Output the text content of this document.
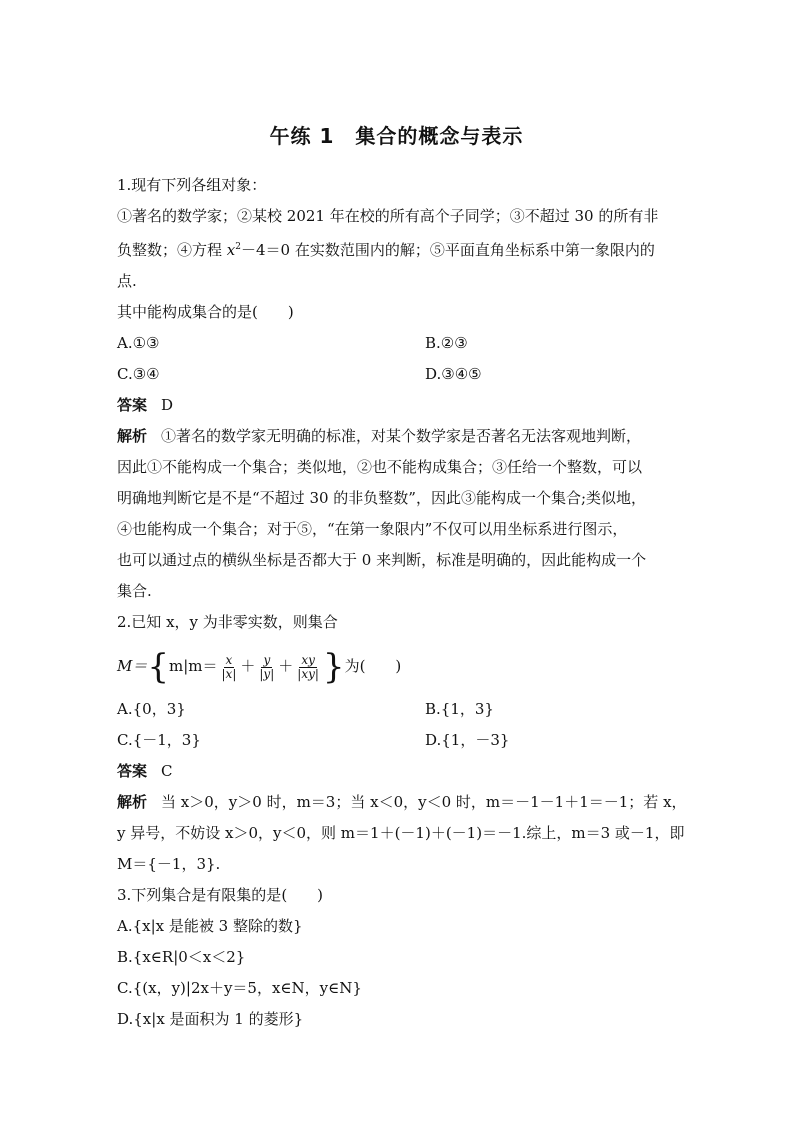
午练 1　集合的概念与表示

1.现有下列各组对象：

①著名的数学家；②某校 2021 年在校的所有高个子同学；③不超过 30 的所有非

负整数；④方程 $x^2-4=0$ 在实数范围内的解；⑤平面直角坐标系中第一象限内的

点.

其中能构成集合的是(　　)

A.①③	B.②③
C.③④	D.③④⑤

答案 D

解析 ①著名的数学家无明确的标准，对某个数学家是否著名无法客观地判断，

因此①不能构成一个集合；类似地，②也不能构成集合；③任给一个整数，可以

明确地判断它是不是“不超过 30 的非负整数”，因此③能构成一个集合;类似地，

④也能构成一个集合；对于⑤，“在第一象限内”不仅可以用坐标系进行图示，

也可以通过点的横纵坐标是否都大于 0 来判断，标准是明确的，因此能构成一个

集合.

2.已知 x，y 为非零实数，则集合

$M=\{m|m= \frac{x}{|x|} + \frac{y}{|y|} + \frac{xy}{|xy|}$ }为(　　)
A.{0，3}	B.{1，3}
C.{－1，3}	D.{1，－3}

答案 C

解析 当 x＞0，y＞0 时，m＝3；当 x＜0，y＜0 时，m＝－1－1＋1＝－1；若 x，

y 异号，不妨设 x＞0，y＜0，则 m＝1＋(－1)＋(－1)＝－1.综上，m＝3 或－1，即

M＝{－1，3}.

3.下列集合是有限集的是(　　)

A.{x|x 是能被 3 整除的数}

B.{x∈R|0＜x＜2}

C.{(x，y)|2x＋y＝5，x∈N，y∈N}

D.{x|x 是面积为 1 的菱形}
